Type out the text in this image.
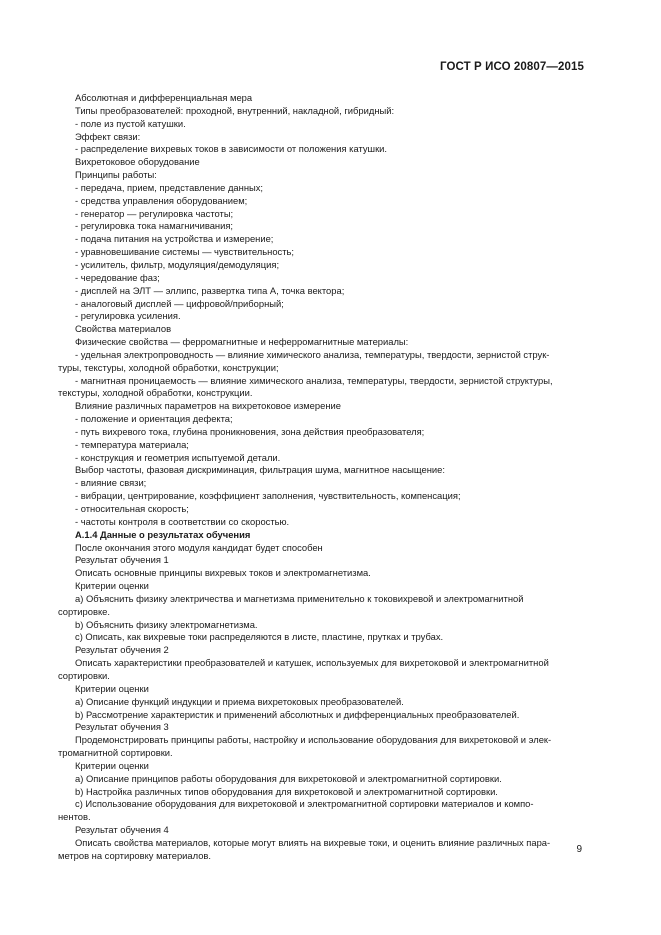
ГОСТ Р ИСО 20807—2015

Абсолютная и дифференциальная мера

Типы преобразователей: проходной, внутренний, накладной, гибридный:

- поле из пустой катушки.

Эффект связи:

- распределение вихревых токов в зависимости от положения катушки.

Вихретоковое оборудование

Принципы работы:

- передача, прием, представление данных;

- средства управления оборудованием;

- генератор — регулировка частоты;

- регулировка тока намагничивания;

- подача питания на устройства и измерение;

- уравновешивание системы — чувствительность;

- усилитель, фильтр, модуляция/демодуляция;

- чередование фаз;

- дисплей на ЭЛТ — эллипс, развертка типа А, точка вектора;

- аналоговый дисплей — цифровой/приборный;

- регулировка усиления.

Свойства материалов

Физические свойства — ферромагнитные и неферромагнитные материалы:

- удельная электропроводность — влияние химического анализа, температуры, твердости, зернистой струк-

туры, текстуры, холодной обработки, конструкции;

- магнитная проницаемость — влияние химического анализа, температуры, твердости, зернистой структуры,

текстуры, холодной обработки, конструкции.

Влияние различных параметров на вихретоковое измерение

- положение и ориентация дефекта;

- путь вихревого тока, глубина проникновения, зона действия преобразователя;

- температура материала;

- конструкция и геометрия испытуемой детали.

Выбор частоты, фазовая дискриминация, фильтрация шума, магнитное насыщение:

- влияние связи;

- вибрации, центрирование, коэффициент заполнения, чувствительность, компенсация;

- относительная скорость;

- частоты контроля в соответствии со скоростью.

А.1.4 Данные о результатах обучения

После окончания этого модуля кандидат будет способен

Результат обучения 1

Описать основные принципы вихревых токов и электромагнетизма.

Критерии оценки

а) Объяснить физику электричества и магнетизма применительно к токовихревой и электромагнитной

сортировке.

b) Объяснить физику электромагнетизма.

с) Описать, как вихревые токи распределяются в листе, пластине, прутках и трубах.

Результат обучения 2

Описать характеристики преобразователей и катушек, используемых для вихретоковой и электромагнитной

сортировки.

Критерии оценки

а) Описание функций индукции и приема вихретоковых преобразователей.

b) Рассмотрение характеристик и применений абсолютных и дифференциальных преобразователей.

Результат обучения 3

Продемонстрировать принципы работы, настройку и использование оборудования для вихретоковой и элек-

тромагнитной сортировки.

Критерии оценки

а) Описание принципов работы оборудования для вихретоковой и электромагнитной сортировки.

b) Настройка различных типов оборудования для вихретоковой и электромагнитной сортировки.

с) Использование оборудования для вихретоковой и электромагнитной сортировки материалов и компо-

нентов.

Результат обучения 4

Описать свойства материалов, которые могут влиять на вихревые токи, и оценить влияние различных пара-

метров на сортировку материалов.

9
